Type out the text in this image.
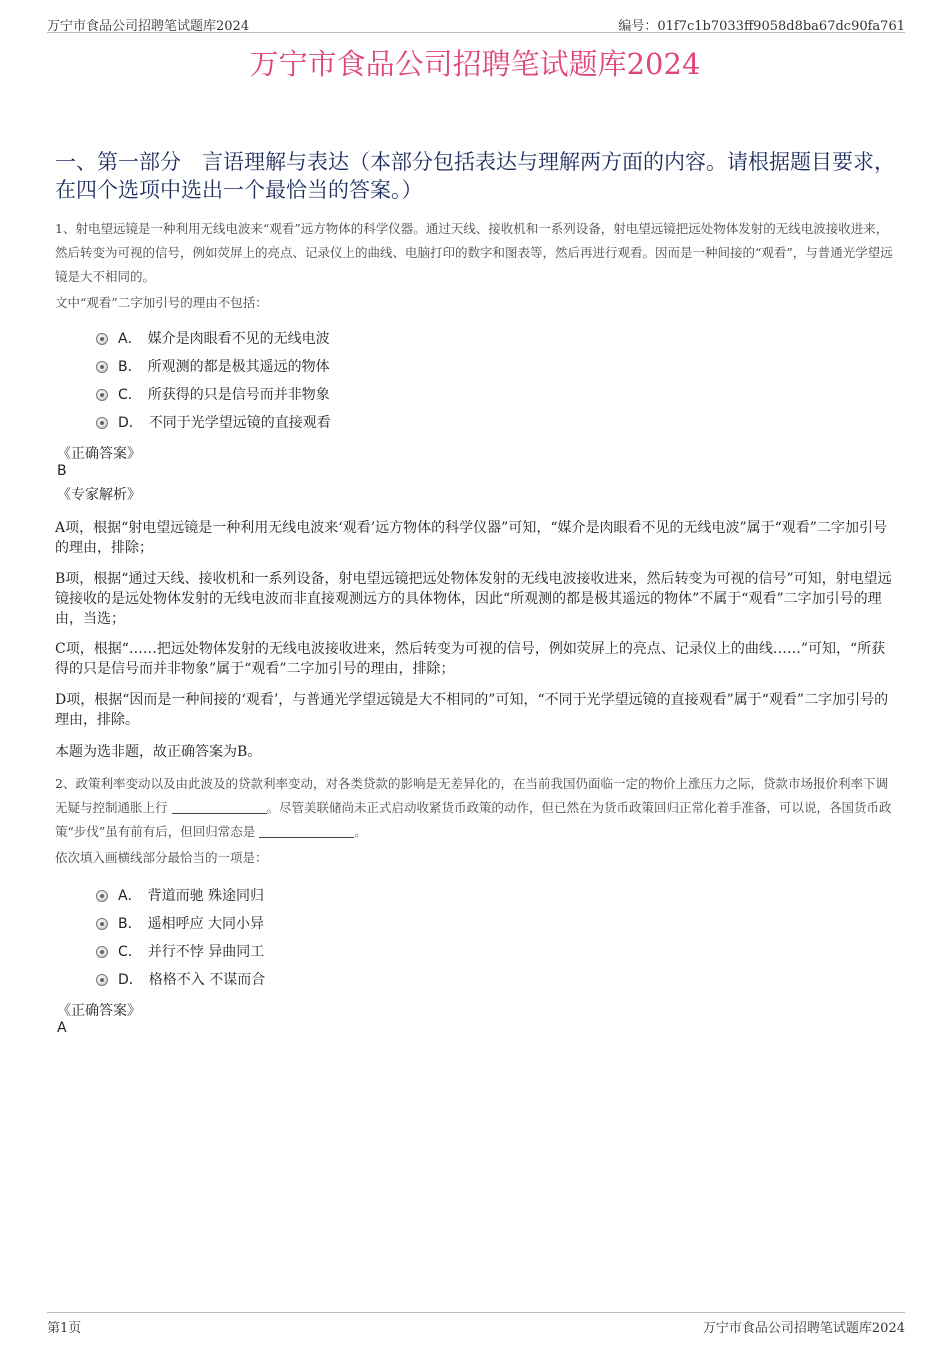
万宁市食品公司招聘笔试题库2024	编号：01f7c1b7033ff9058d8ba67dc90fa761
万宁市食品公司招聘笔试题库2024
一、第一部分　言语理解与表达（本部分包括表达与理解两方面的内容。请根据题目要求，在四个选项中选出一个最恰当的答案。）
1、射电望远镜是一种利用无线电波来“观看”远方物体的科学仪器。通过天线、接收机和一系列设备，射电望远镜把远处物体发射的无线电波接收进来，然后转变为可视的信号，例如荧屏上的亮点、记录仪上的曲线、电脑打印的数字和图表等，然后再进行观看。因而是一种间接的“观看”，与普通光学望远镜是大不相同的。
文中“观看”二字加引号的理由不包括：
A． 媒介是肉眼看不见的无线电波
B． 所观测的都是极其遥远的物体
C． 所获得的只是信号而并非物象
D． 不同于光学望远镜的直接观看
《正确答案》
B
《专家解析》
A项，根据“射电望远镜是一种利用无线电波来‘观看’远方物体的科学仪器”可知，“媒介是肉眼看不见的无线电波”属于“观看”二字加引号的理由，排除；
B项，根据“通过天线、接收机和一系列设备，射电望远镜把远处物体发射的无线电波接收进来，然后转变为可视的信号”可知，射电望远镜接收的是远处物体发射的无线电波而非直接观测远方的具体物体，因此“所观测的都是极其遥远的物体”不属于“观看”二字加引号的理由，当选；
C项，根据“……把远处物体发射的无线电波接收进来，然后转变为可视的信号，例如荧屏上的亮点、记录仪上的曲线……”可知，“所获得的只是信号而并非物象”属于“观看”二字加引号的理由，排除；
D项，根据“因而是一种间接的‘观看’，与普通光学望远镜是大不相同的”可知，“不同于光学望远镜的直接观看”属于“观看”二字加引号的理由，排除。
本题为选非题，故正确答案为B。
2、政策利率变动以及由此波及的贷款利率变动，对各类贷款的影响是无差异化的，在当前我国仍面临一定的物价上涨压力之际，贷款市场报价利率下调无疑与控制通胀上行	。尽管美联储尚未正式启动收紧货币政策的动作，但已然在为货币政策回归正常化着手准备，可以说，各国货币政策“步伐”虽有前有后，但回归常态是	。
依次填入画横线部分最恰当的一项是：
A． 背道而驰 殊途同归
B． 遥相呼应 大同小异
C． 并行不悖 异曲同工
D． 格格不入 不谋而合
《正确答案》
A
第1页	万宁市食品公司招聘笔试题库2024
